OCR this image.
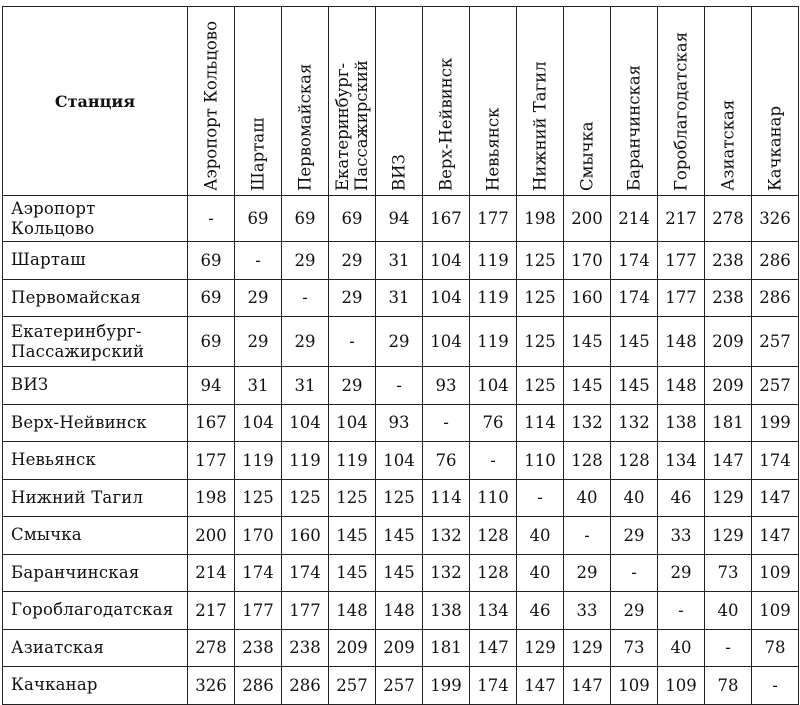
Станция	Аэропорт Кольцово	Шарташ	Первомайская	Екатеринбург-
Пассажирский	ВИЗ	Верх-Нейвинск	Невьянск	Нижний Тагил	Смычка	Баранчинская	Гороблагодатская	Азиатская	Качканар

Аэропорт
Кольцово	-	69	69	69	94	167	177	198	200	214	217	278	326
Шарташ	69	-	29	29	31	104	119	125	170	174	177	238	286
Первомайская	69	29	-	29	31	104	119	125	160	174	177	238	286
Екатеринбург-
Пассажирский	69	29	29	-	29	104	119	125	145	145	148	209	257
ВИЗ	94	31	31	29	-	93	104	125	145	145	148	209	257
Верх-Нейвинск	167	104	104	104	93	-	76	114	132	132	138	181	199
Невьянск	177	119	119	119	104	76	-	110	128	128	134	147	174
Нижний Тагил	198	125	125	125	125	114	110	-	40	40	46	129	147
Смычка	200	170	160	145	145	132	128	40	-	29	33	129	147
Баранчинская	214	174	174	145	145	132	128	40	29	-	29	73	109
Гороблагодатская	217	177	177	148	148	138	134	46	33	29	-	40	109
Азиатская	278	238	238	209	209	181	147	129	129	73	40	-	78
Качканар	326	286	286	257	257	199	174	147	147	109	109	78	-
